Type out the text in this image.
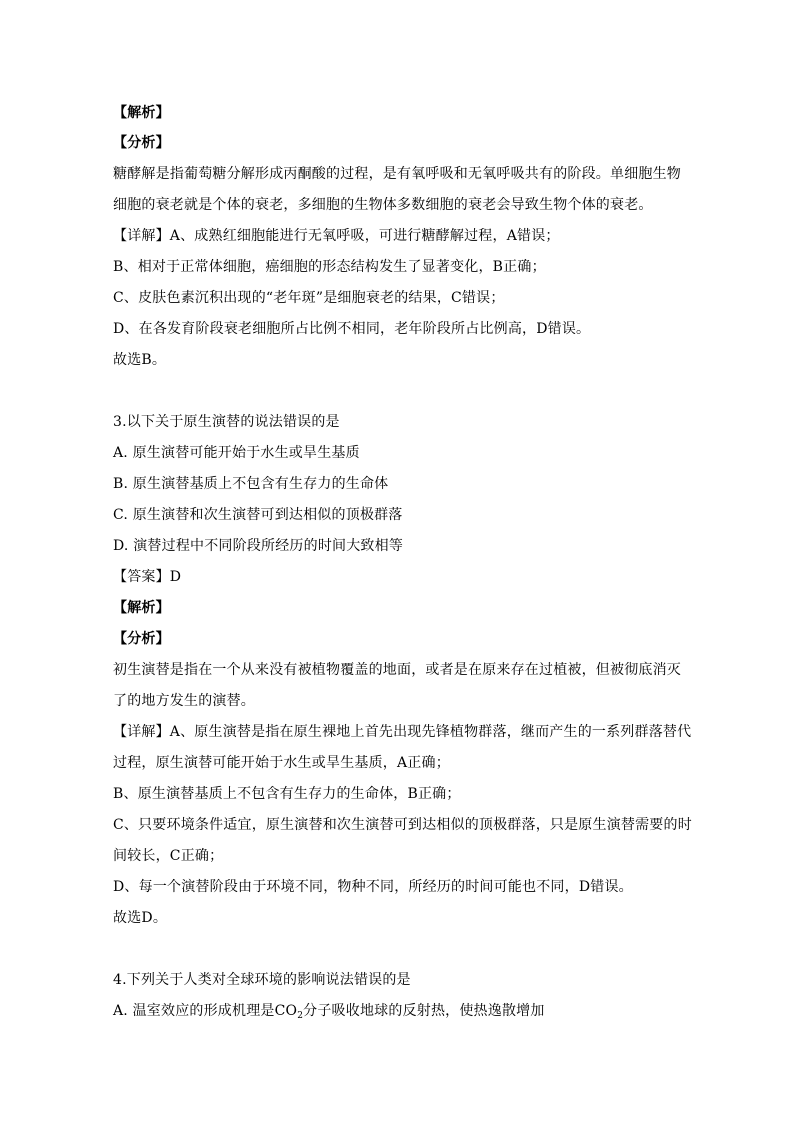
【解析】
【分析】
糖酵解是指葡萄糖分解形成丙酮酸的过程，是有氧呼吸和无氧呼吸共有的阶段。单细胞生物
细胞的衰老就是个体的衰老，多细胞的生物体多数细胞的衰老会导致生物个体的衰老。
【详解】A、成熟红细胞能进行无氧呼吸，可进行糖酵解过程，A错误；
B、相对于正常体细胞，癌细胞的形态结构发生了显著变化，B正确；
C、皮肤色素沉积出现的“老年斑”是细胞衰老的结果，C错误；
D、在各发育阶段衰老细胞所占比例不相同，老年阶段所占比例高，D错误。
故选B。
3.以下关于原生演替的说法错误的是
A. 原生演替可能开始于水生或旱生基质
B. 原生演替基质上不包含有生存力的生命体
C. 原生演替和次生演替可到达相似的顶极群落
D. 演替过程中不同阶段所经历的时间大致相等
【答案】D
【解析】
【分析】
初生演替是指在一个从来没有被植物覆盖的地面，或者是在原来存在过植被，但被彻底消灭
了的地方发生的演替。
【详解】A、原生演替是指在原生裸地上首先出现先锋植物群落，继而产生的一系列群落替代
过程，原生演替可能开始于水生或旱生基质，A正确；
B、原生演替基质上不包含有生存力的生命体，B正确；
C、只要环境条件适宜，原生演替和次生演替可到达相似的顶极群落，只是原生演替需要的时
间较长，C正确；
D、每一个演替阶段由于环境不同，物种不同，所经历的时间可能也不同，D错误。
故选D。
4.下列关于人类对全球环境的影响说法错误的是
A. 温室效应的形成机理是$CO_2$分子吸收地球的反射热，使热逸散增加
